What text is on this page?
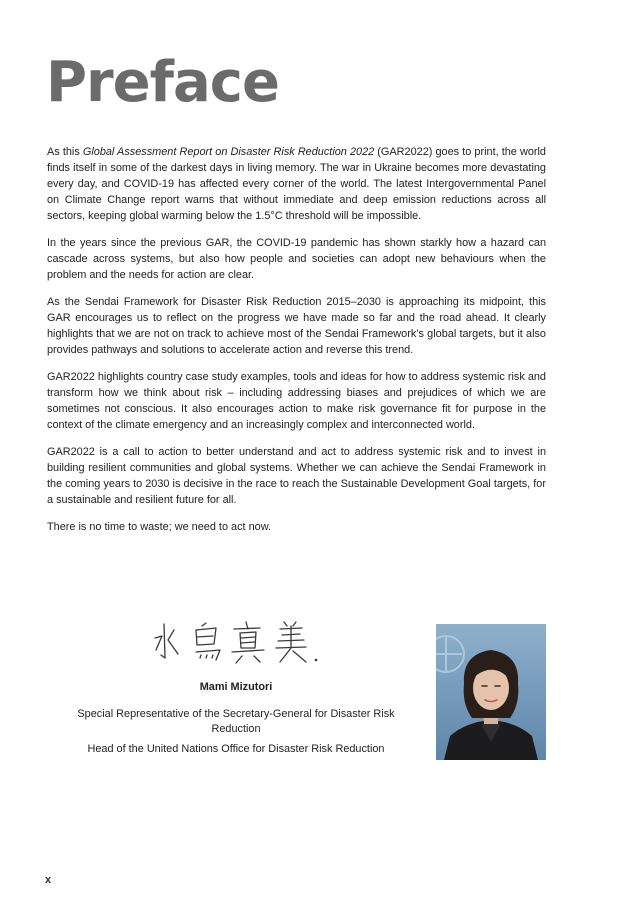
Preface

As this Global Assessment Report on Disaster Risk Reduction 2022 (GAR2022) goes to print, the world finds itself in some of the darkest days in living memory. The war in Ukraine becomes more devastating every day, and COVID-19 has affected every corner of the world. The latest Intergovernmental Panel on Climate Change report warns that without immediate and deep emission reductions across all sectors, keeping global warming below the 1.5°C threshold will be impossible.

In the years since the previous GAR, the COVID-19 pandemic has shown starkly how a hazard can cascade across systems, but also how people and societies can adopt new behaviours when the problem and the needs for action are clear.

As the Sendai Framework for Disaster Risk Reduction 2015–2030 is approaching its midpoint, this GAR encourages us to reflect on the progress we have made so far and the road ahead. It clearly highlights that we are not on track to achieve most of the Sendai Framework’s global targets, but it also provides pathways and solutions to accelerate action and reverse this trend.

GAR2022 highlights country case study examples, tools and ideas for how to address systemic risk and transform how we think about risk – including addressing biases and prejudices of which we are sometimes not conscious. It also encourages action to make risk governance fit for purpose in the context of the climate emergency and an increasingly complex and interconnected world.

GAR2022 is a call to action to better understand and act to address systemic risk and to invest in building resilient communities and global systems. Whether we can achieve the Sendai Framework in the coming years to 2030 is decisive in the race to reach the Sustainable Development Goal targets, for a sustainable and resilient future for all.

There is no time to waste; we need to act now.

Mami Mizutori
Special Representative of the Secretary-General for Disaster Risk Reduction
Head of the United Nations Office for Disaster Risk Reduction
x
